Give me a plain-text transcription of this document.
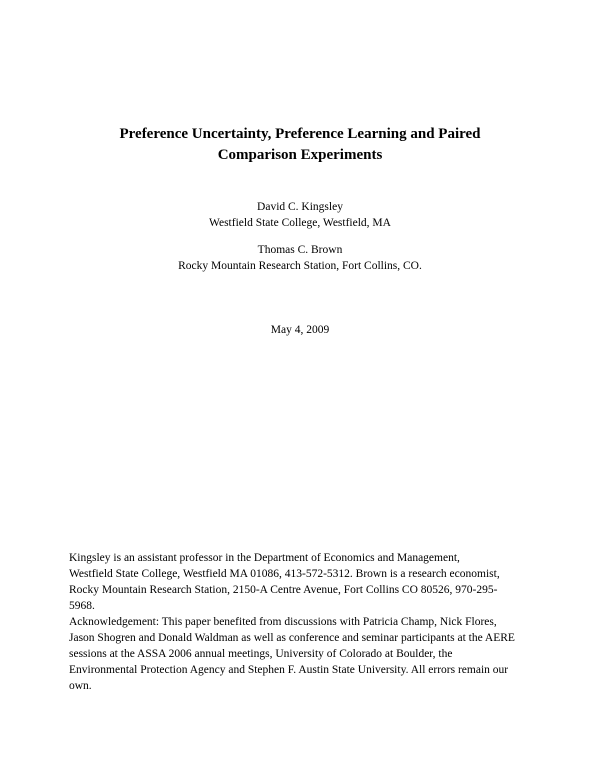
Preference Uncertainty, Preference Learning and Paired
Comparison Experiments
David C. Kingsley
Westfield State College, Westfield, MA
Thomas C. Brown
Rocky Mountain Research Station, Fort Collins, CO.
May 4, 2009
Kingsley is an assistant professor in the Department of Economics and Management,
Westfield State College, Westfield MA 01086, 413-572-5312. Brown is a research economist,
Rocky Mountain Research Station, 2150-A Centre Avenue, Fort Collins CO 80526, 970-295-
5968.
Acknowledgement: This paper benefited from discussions with Patricia Champ, Nick Flores,
Jason Shogren and Donald Waldman as well as conference and seminar participants at the AERE
sessions at the ASSA 2006 annual meetings, University of Colorado at Boulder, the
Environmental Protection Agency and Stephen F. Austin State University. All errors remain our
own.
